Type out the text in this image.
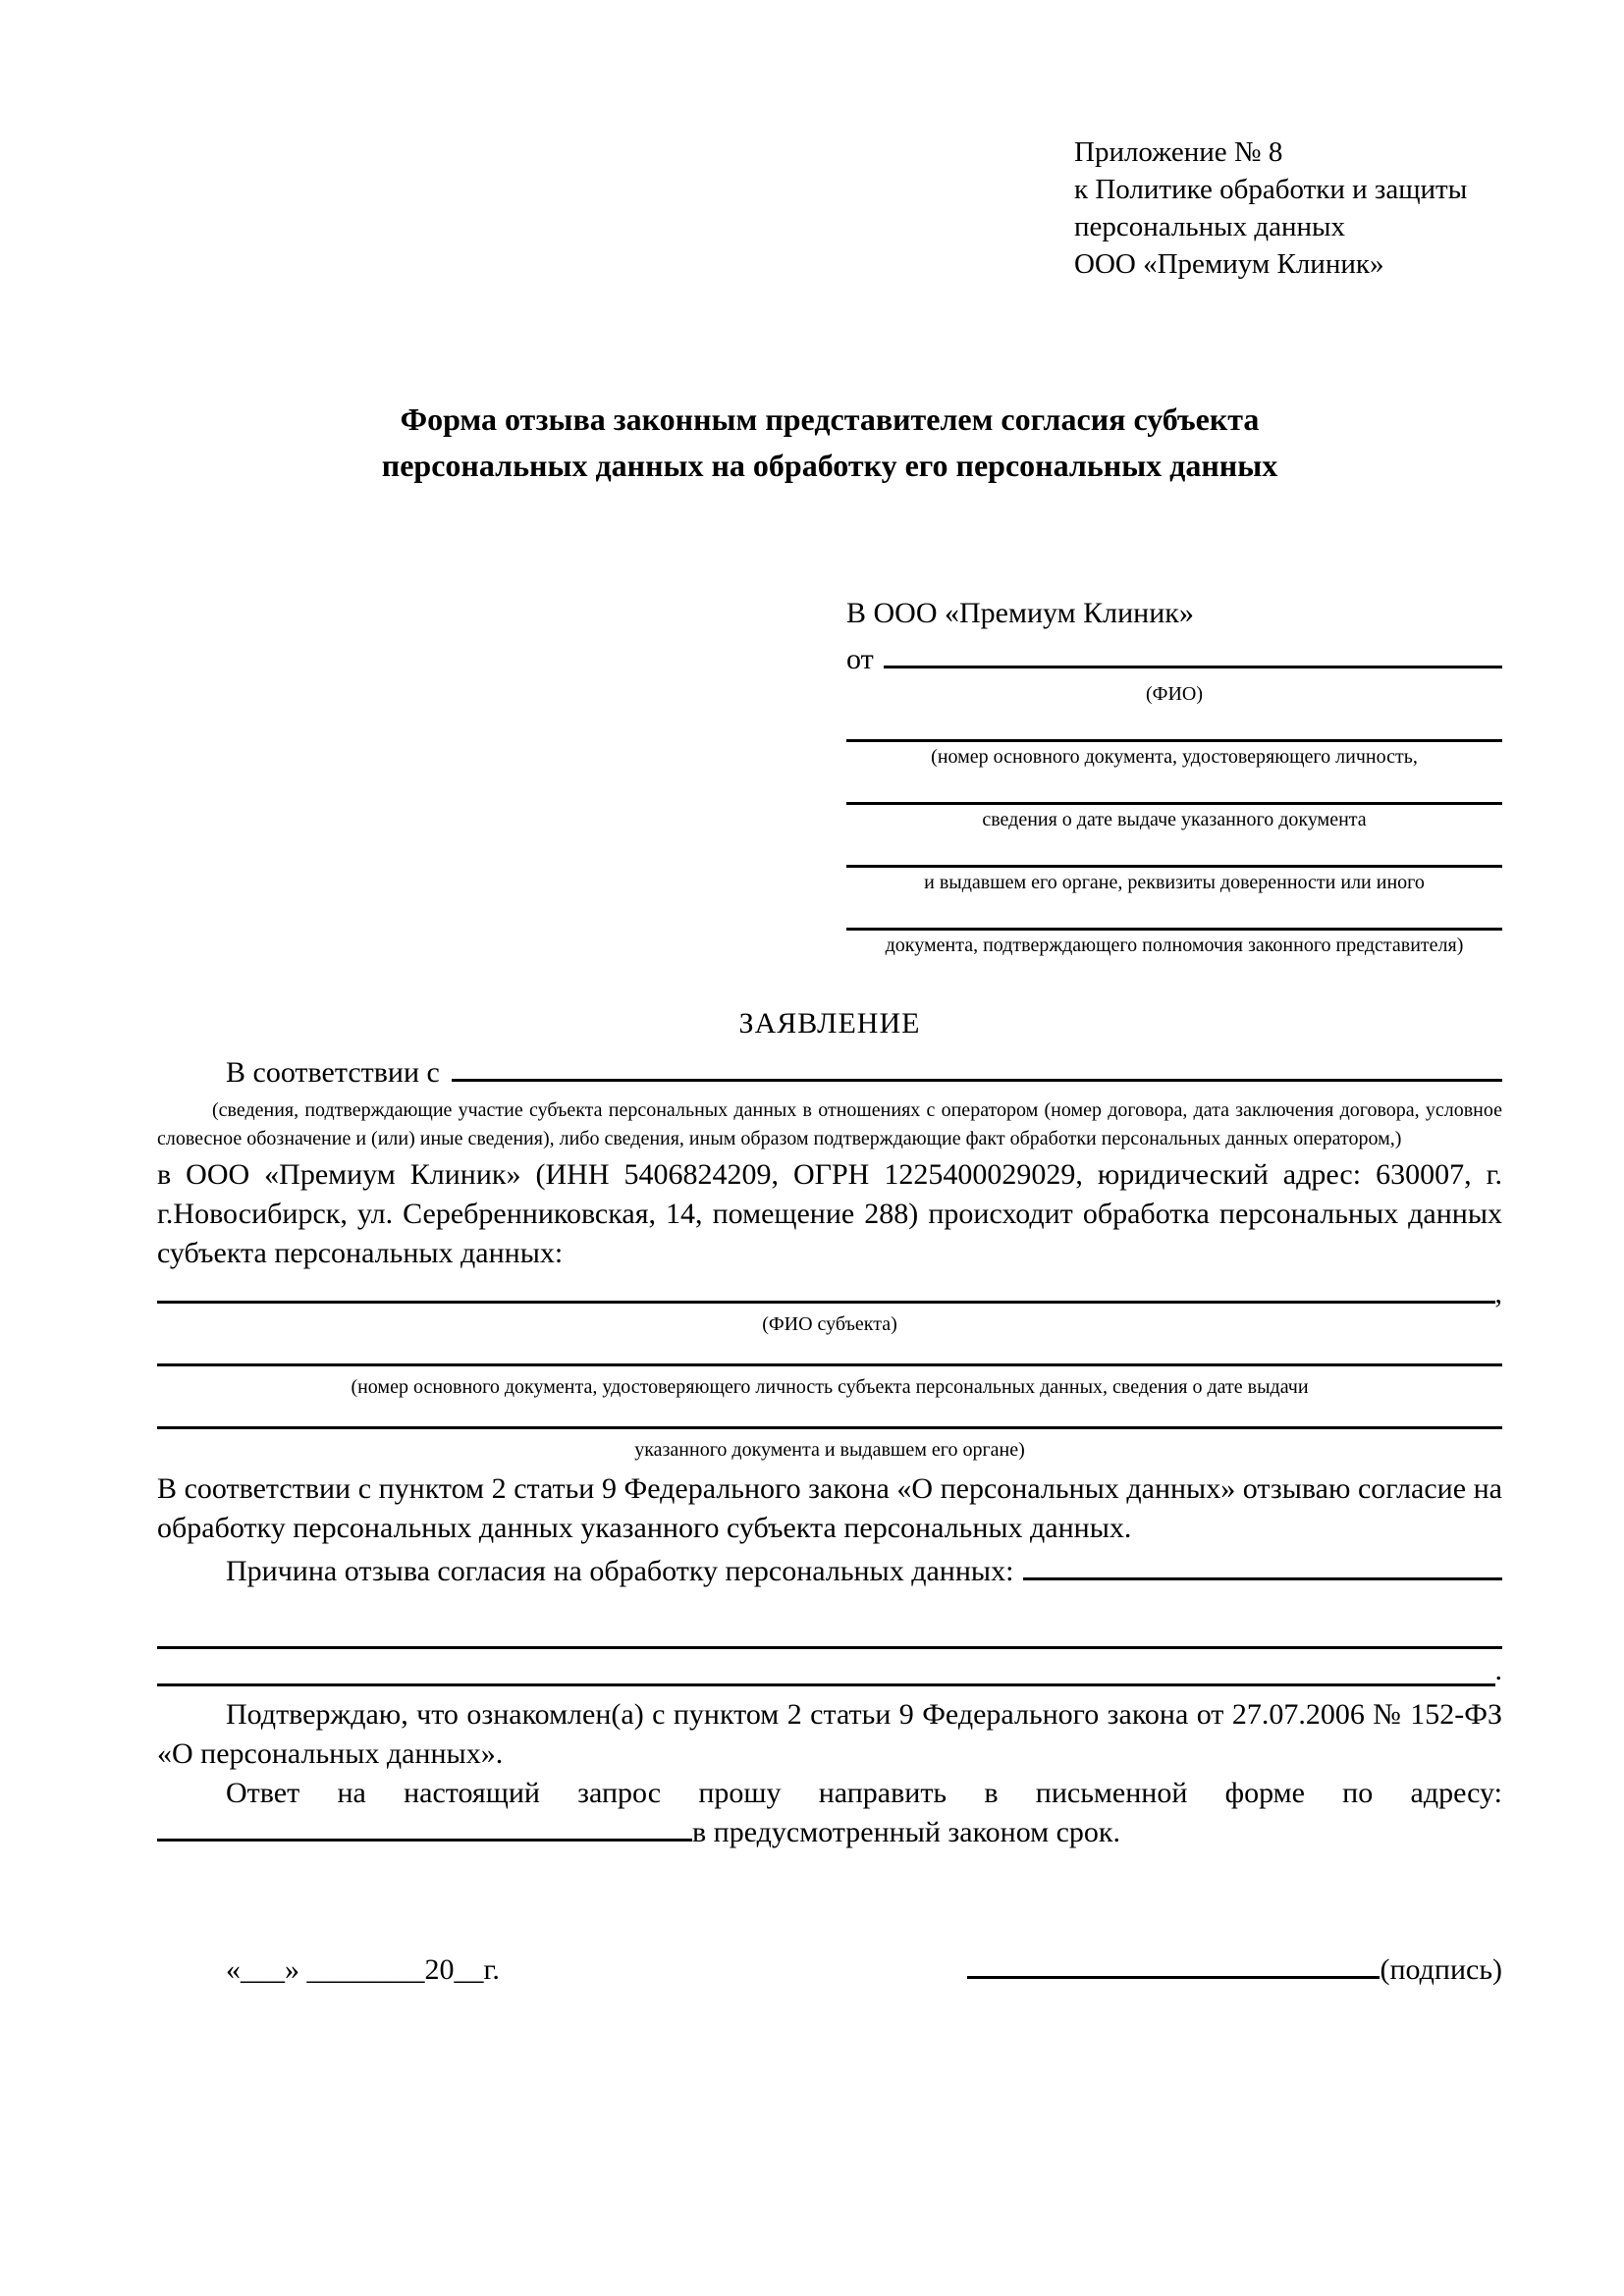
Приложение № 8
к Политике обработки и защиты
персональных данных
ООО «Премиум Клиник»
Форма отзыва законным представителем согласия субъекта
персональных данных на обработку его персональных данных
В ООО «Премиум Клиник»
от
(ФИО)
(номер основного документа, удостоверяющего личность,
сведения о дате выдаче указанного документа
и выдавшем его органе, реквизиты доверенности или иного
документа, подтверждающего полномочия законного представителя)
ЗАЯВЛЕНИЕ
В соответствии с

(сведения, подтверждающие участие субъекта персональных данных в отношениях с оператором (номер договора, дата заключения договора, условное словесное обозначение и (или) иные сведения), либо сведения, иным образом подтверждающие факт обработки персональных данных оператором,)

в ООО «Премиум Клиник» (ИНН 5406824209, ОГРН 1225400029029, юридический адрес: 630007, г. г.Новосибирск, ул. Серебренниковская, 14, помещение 288) происходит обработка персональных данных субъекта персональных данных:

,
(ФИО субъекта)
(номер основного документа, удостоверяющего личность субъекта персональных данных, сведения о дате выдачи
указанного документа и выдавшем его органе)

В соответствии с пунктом 2 статьи 9 Федерального закона «О персональных данных» отзываю согласие на обработку персональных данных указанного субъекта персональных данных.

Причина отзыва согласия на обработку персональных данных:
.

Подтверждаю, что ознакомлен(а) с пунктом 2 статьи 9 Федерального закона от 27.07.2006 № 152-ФЗ «О персональных данных».

Ответ на настоящий запрос прошу направить в письменной форме по адресу: в предусмотренный законом срок.

«___» ________20__г.	(подпись)
